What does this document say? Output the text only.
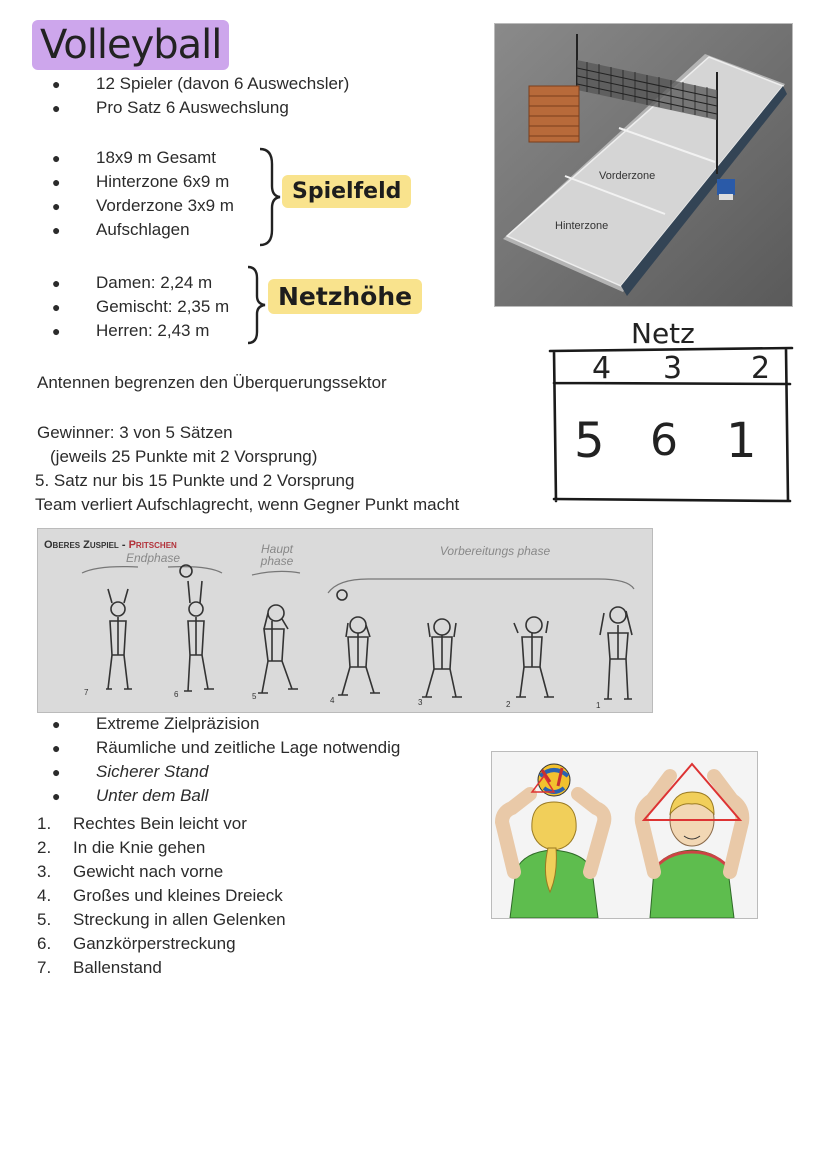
Volleyball
● 12 Spieler (davon 6 Auswechsler)
● Pro Satz 6 Auswechslung
● 18x9 m Gesamt
● Hinterzone 6x9 m
● Vorderzone 3x9 m
● Aufschlagen
Spielfeld
● Damen: 2,24 m
● Gemischt: 2,35 m
● Herren: 2,43 m
Netzhöhe
Antennen begrenzen den Überquerungssektor
Gewinner: 3 von 5 Sätzen
(jeweils 25 Punkte mit 2 Vorsprung)
5. Satz nur bis 15 Punkte und 2 Vorsprung
Team verliert Aufschlagrecht, wenn Gegner Punkt macht
Vorderzone
Hinterzone
Netz
4 3 2
5 6 1
Oberes Zuspiel - Pritschen
Endphase
Haupt phase
Vorbereitungs phase
7	6	5	4	3	2	1
● Extreme Zielpräzision
● Räumliche und zeitliche Lage notwendig
● Sicherer Stand
● Unter dem Ball
1. Rechtes Bein leicht vor
2. In die Knie gehen
3. Gewicht nach vorne
4. Großes und kleines Dreieck
5. Streckung in allen Gelenken
6. Ganzkörperstreckung
7. Ballenstand
